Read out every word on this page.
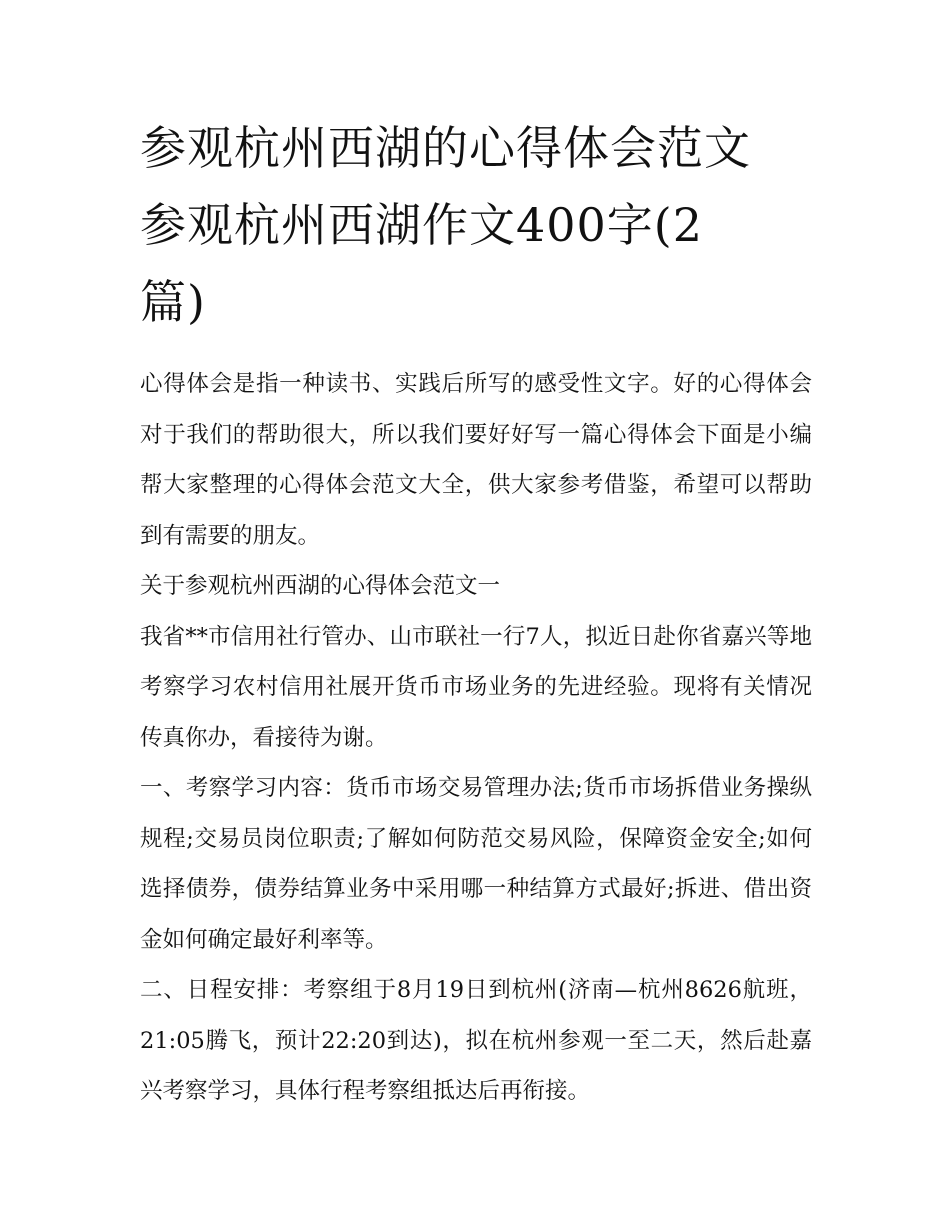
参观杭州西湖的心得体会范文
参观杭州西湖作文400字(2
篇)

心得体会是指一种读书、实践后所写的感受性文字。好的心得体会对于我们的帮助很大，所以我们要好好写一篇心得体会下面是小编帮大家整理的心得体会范文大全，供大家参考借鉴，希望可以帮助到有需要的朋友。

关于参观杭州西湖的心得体会范文一

我省**市信用社行管办、山市联社一行7人，拟近日赴你省嘉兴等地考察学习农村信用社展开货币市场业务的先进经验。现将有关情况传真你办，看接待为谢。

一、考察学习内容：货币市场交易管理办法;货币市场拆借业务操纵规程;交易员岗位职责;了解如何防范交易风险，保障资金安全;如何选择债券，债券结算业务中采用哪一种结算方式最好;拆进、借出资金如何确定最好利率等。

二、日程安排：考察组于8月19日到杭州(济南—杭州8626航班，21:05腾飞，预计22:20到达)，拟在杭州参观一至二天，然后赴嘉兴考察学习，具体行程考察组抵达后再衔接。
